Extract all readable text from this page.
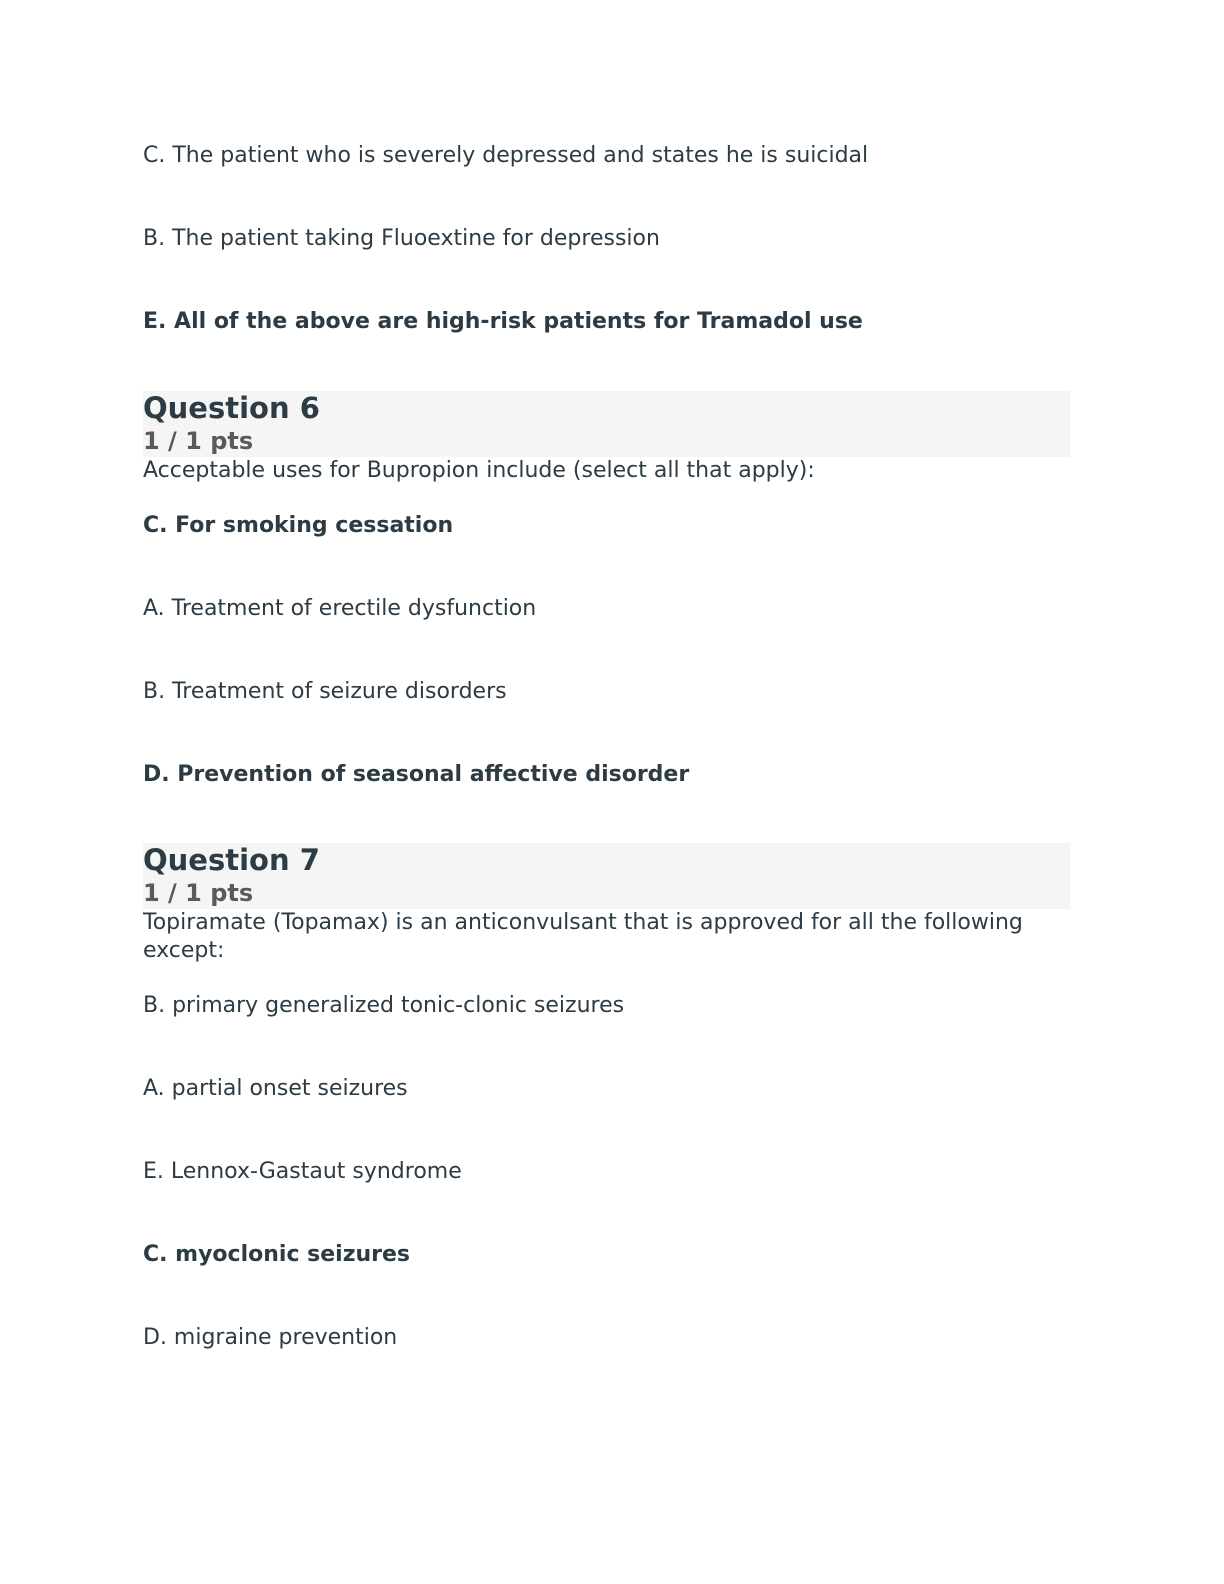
C. The patient who is severely depressed and states he is suicidal
B. The patient taking Fluoextine for depression
E. All of the above are high-risk patients for Tramadol use
Question 6
1 / 1 pts
Acceptable uses for Bupropion include (select all that apply):
C. For smoking cessation
A. Treatment of erectile dysfunction
B. Treatment of seizure disorders
D. Prevention of seasonal affective disorder
Question 7
1 / 1 pts
Topiramate (Topamax) is an anticonvulsant that is approved for all the following except:
B. primary generalized tonic-clonic seizures
A. partial onset seizures
E. Lennox-Gastaut syndrome
C. myoclonic seizures
D. migraine prevention
